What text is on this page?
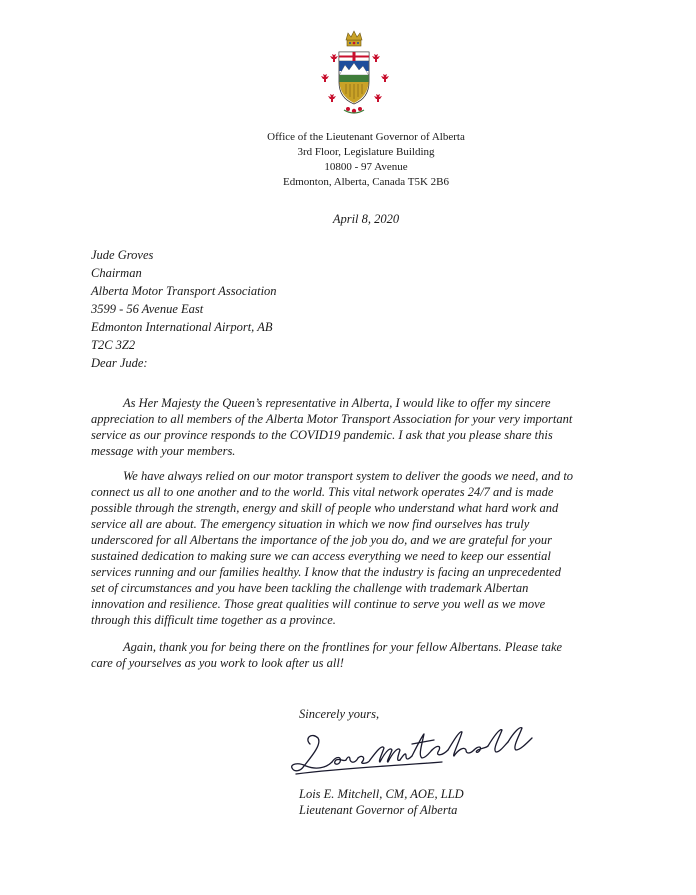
Office of the Lieutenant Governor of Alberta
3rd Floor, Legislature Building
10800 - 97 Avenue
Edmonton, Alberta, Canada T5K 2B6
April 8, 2020
Jude Groves
Chairman
Alberta Motor Transport Association
3599 - 56 Avenue East
Edmonton International Airport, AB
T2C 3Z2
Dear Jude:
As Her Majesty the Queen’s representative in Alberta, I would like to offer my sincere
appreciation to all members of the Alberta Motor Transport Association for your very important
service as our province responds to the COVID19 pandemic. I ask that you please share this
message with your members.
We have always relied on our motor transport system to deliver the goods we need, and to
connect us all to one another and to the world. This vital network operates 24/7 and is made
possible through the strength, energy and skill of people who understand what hard work and
service all are about. The emergency situation in which we now find ourselves has truly
underscored for all Albertans the importance of the job you do, and we are grateful for your
sustained dedication to making sure we can access everything we need to keep our essential
services running and our families healthy. I know that the industry is facing an unprecedented
set of circumstances and you have been tackling the challenge with trademark Albertan
innovation and resilience. Those great qualities will continue to serve you well as we move
through this difficult time together as a province.
Again, thank you for being there on the frontlines for your fellow Albertans. Please take
care of yourselves as you work to look after us all!
Sincerely yours,
Lois E. Mitchell, CM, AOE, LLD
Lieutenant Governor of Alberta
